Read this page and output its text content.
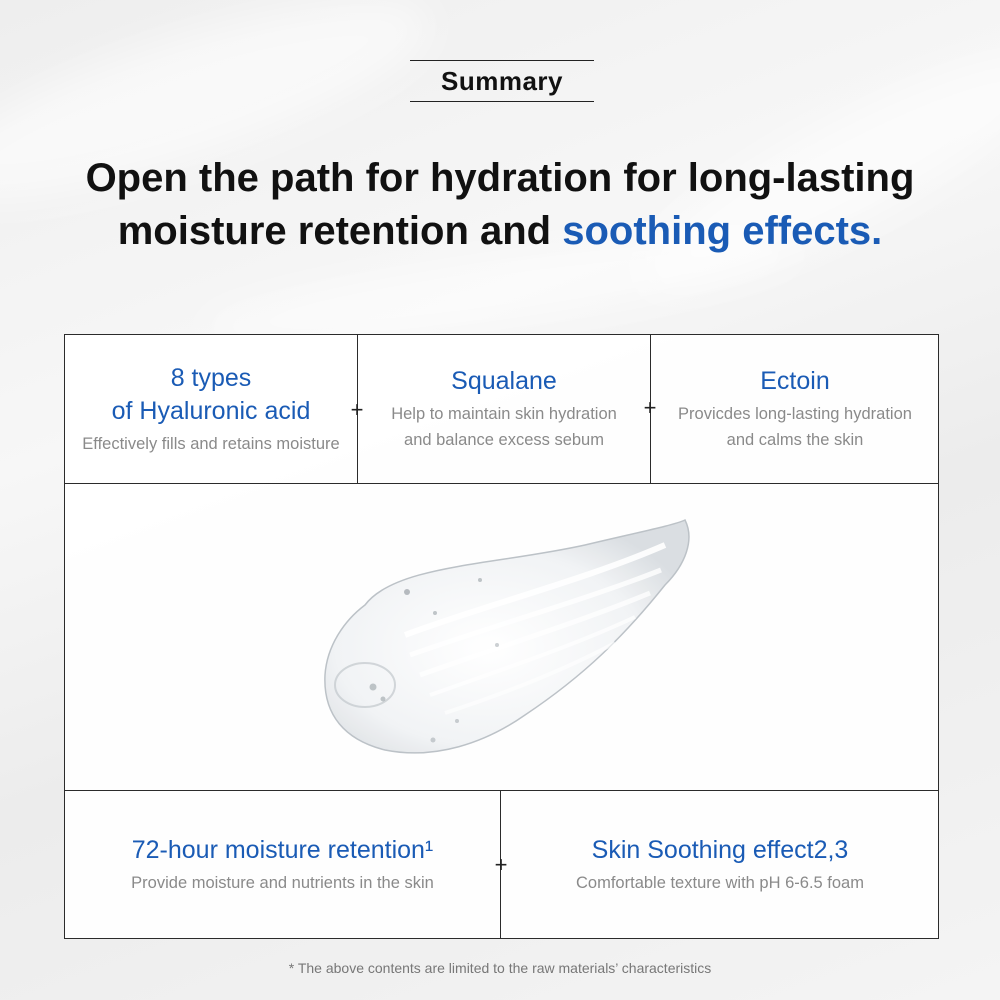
Summary
Open the path for hydration for long-lasting
moisture retention and soothing effects.
8 types
of Hyaluronic acid
Effectively fills and retains moisture
Squalane
Help to maintain skin hydration
and balance excess sebum
Ectoin
Provicdes long-lasting hydration
and calms the skin
+	+
72-hour moisture retention¹
Provide moisture and nutrients in the skin
Skin Soothing effect2,3
Comfortable texture with pH 6-6.5 foam
+
* The above contents are limited to the raw materials’ characteristics
